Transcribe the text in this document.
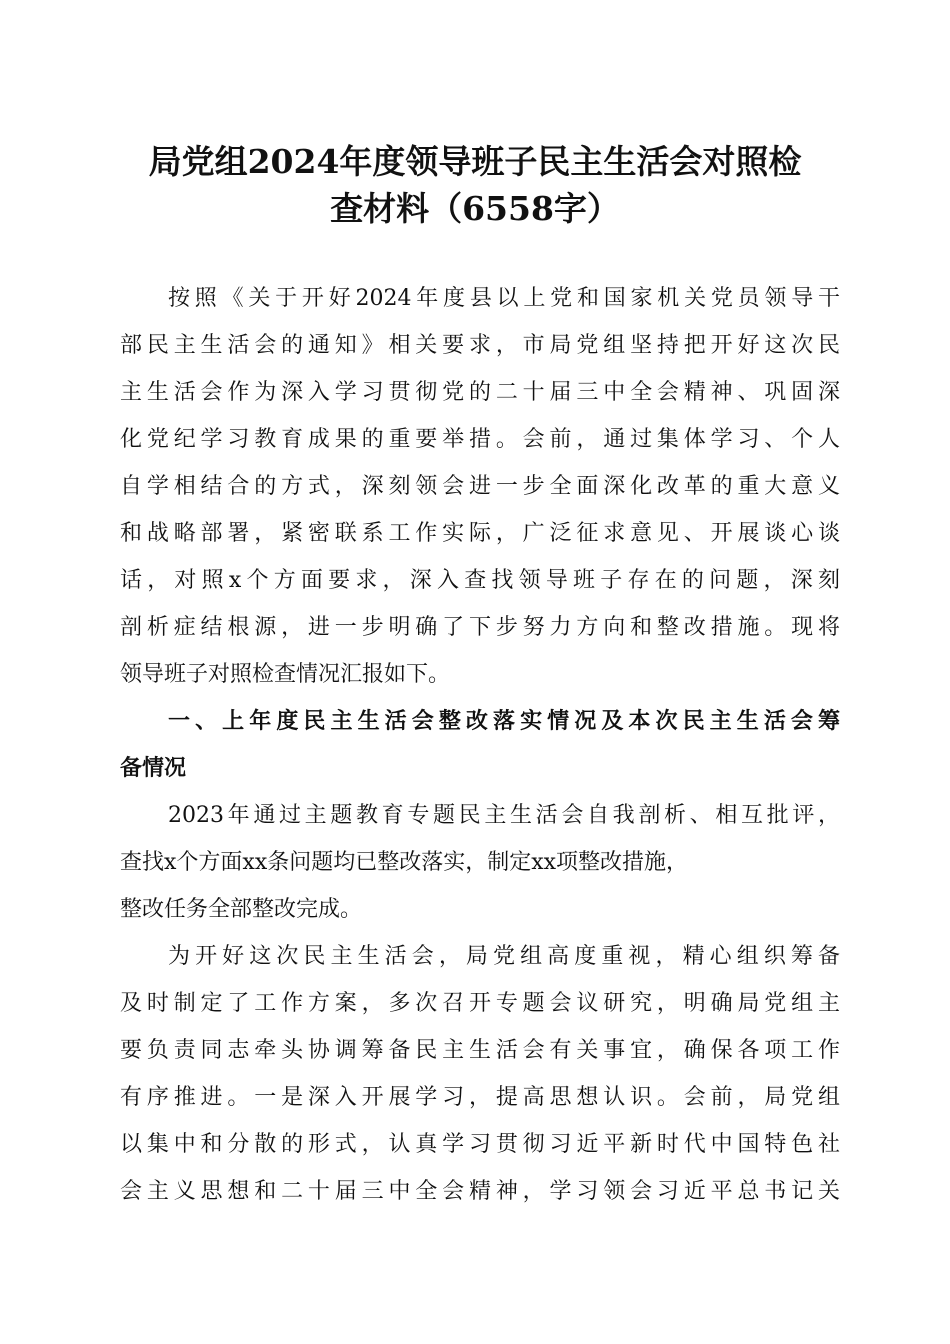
局党组2024年度领导班子民主生活会对照检
查材料（6558字）
按照《关于开好2024年度县以上党和国家机关党员领导干
部民主生活会的通知》相关要求，市局党组坚持把开好这次民
主生活会作为深入学习贯彻党的二十届三中全会精神、巩固深
化党纪学习教育成果的重要举措。会前，通过集体学习、个人
自学相结合的方式，深刻领会进一步全面深化改革的重大意义
和战略部署，紧密联系工作实际，广泛征求意见、开展谈心谈
话，对照x个方面要求，深入查找领导班子存在的问题，深刻
剖析症结根源，进一步明确了下步努力方向和整改措施。现将
领导班子对照检查情况汇报如下。
一、上年度民主生活会整改落实情况及本次民主生活会筹
备情况
2023年通过主题教育专题民主生活会自我剖析、相互批评，
查找x个方面xx条问题均已整改落实，制定xx项整改措施，
整改任务全部整改完成。
为开好这次民主生活会，局党组高度重视，精心组织筹备
及时制定了工作方案，多次召开专题会议研究，明确局党组主
要负责同志牵头协调筹备民主生活会有关事宜，确保各项工作
有序推进。一是深入开展学习，提高思想认识。会前，局党组
以集中和分散的形式，认真学习贯彻习近平新时代中国特色社
会主义思想和二十届三中全会精神，学习领会习近平总书记关
